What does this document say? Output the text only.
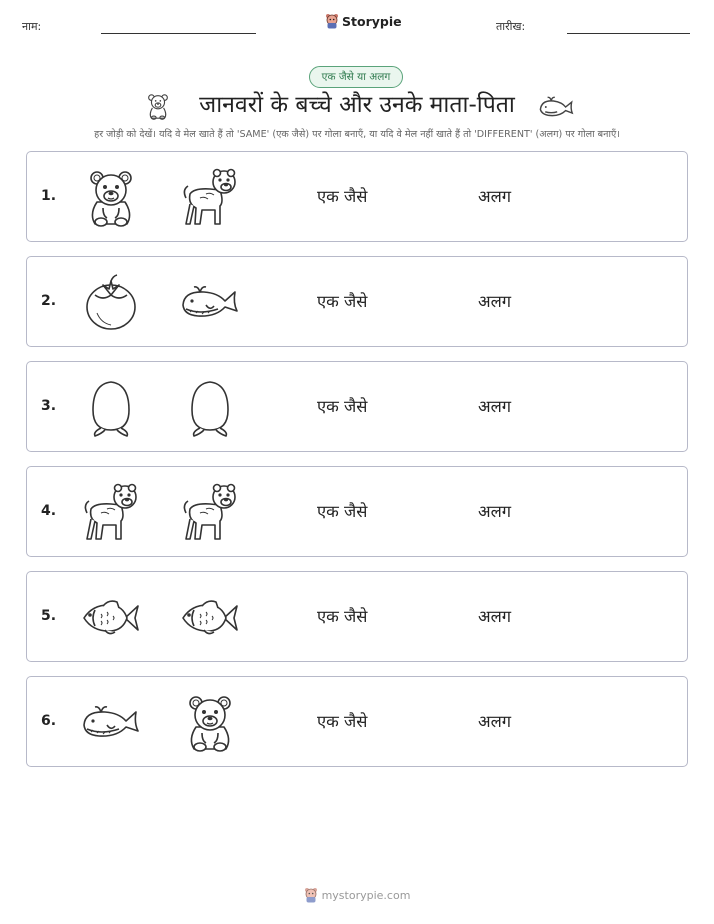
नाम:	Storypie	तारीख:
एक जैसे या अलग
जानवरों के बच्चे और उनके माता-पिता
हर जोड़ी को देखें। यदि वे मेल खाते हैं तो 'SAME' (एक जैसे) पर गोला बनाएँ, या यदि वे मेल नहीं खाते हैं तो 'DIFFERENT' (अलग) पर गोला बनाएँ।
1.	एक जैसे	अलग
2.	एक जैसे	अलग
3.	एक जैसे	अलग
4.	एक जैसे	अलग
5.	एक जैसे	अलग
6.	एक जैसे	अलग
mystorypie.com
